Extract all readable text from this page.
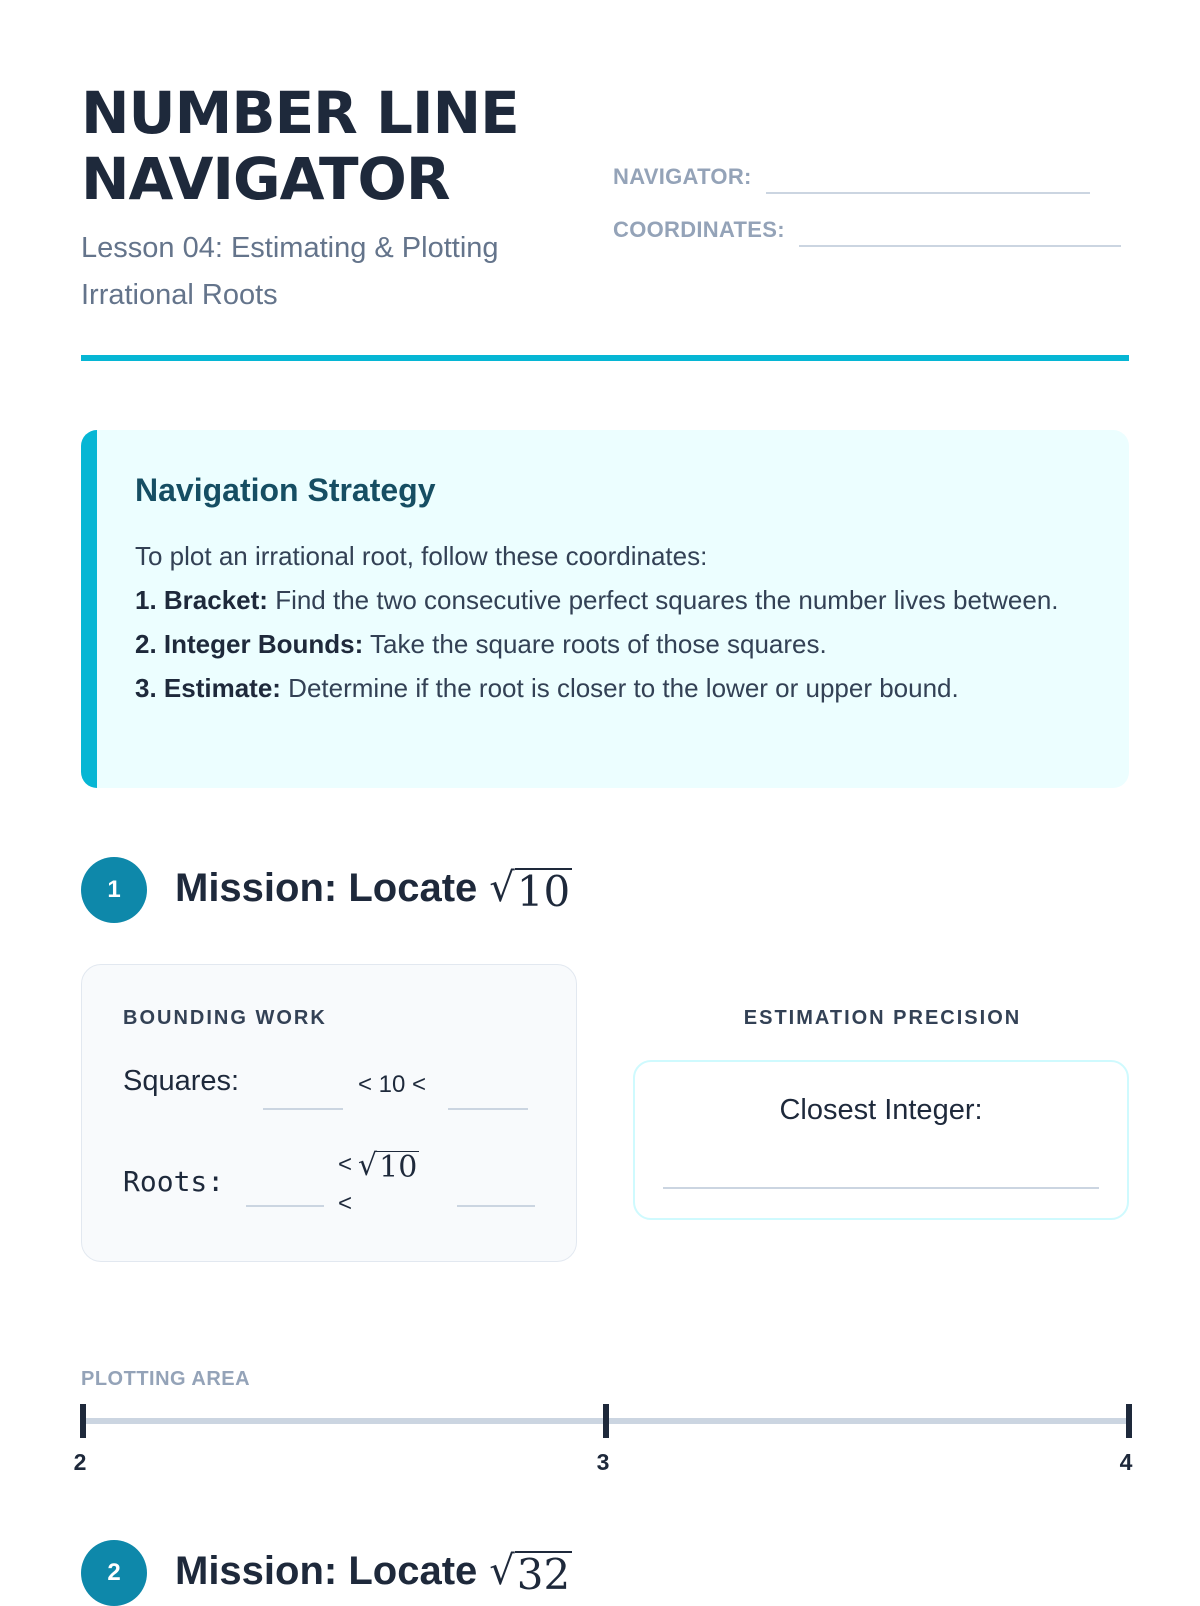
NUMBER LINE
NAVIGATOR
Lesson 04: Estimating & Plotting Irrational Roots
NAVIGATOR:
COORDINATES:
Navigation Strategy

To plot an irrational root, follow these coordinates:

1. Bracket: Find the two consecutive perfect squares the number lives between.

2. Integer Bounds: Take the square roots of those squares.

3. Estimate: Determine if the root is closer to the lower or upper bound.

1	Mission: Locate √ 10
BOUNDING WORK
Squares:	< 10 <
Roots:
< √ 10
<
ESTIMATION PRECISION
Closest Integer:
PLOTTING AREA
2	3	4
2	Mission: Locate √ 32
